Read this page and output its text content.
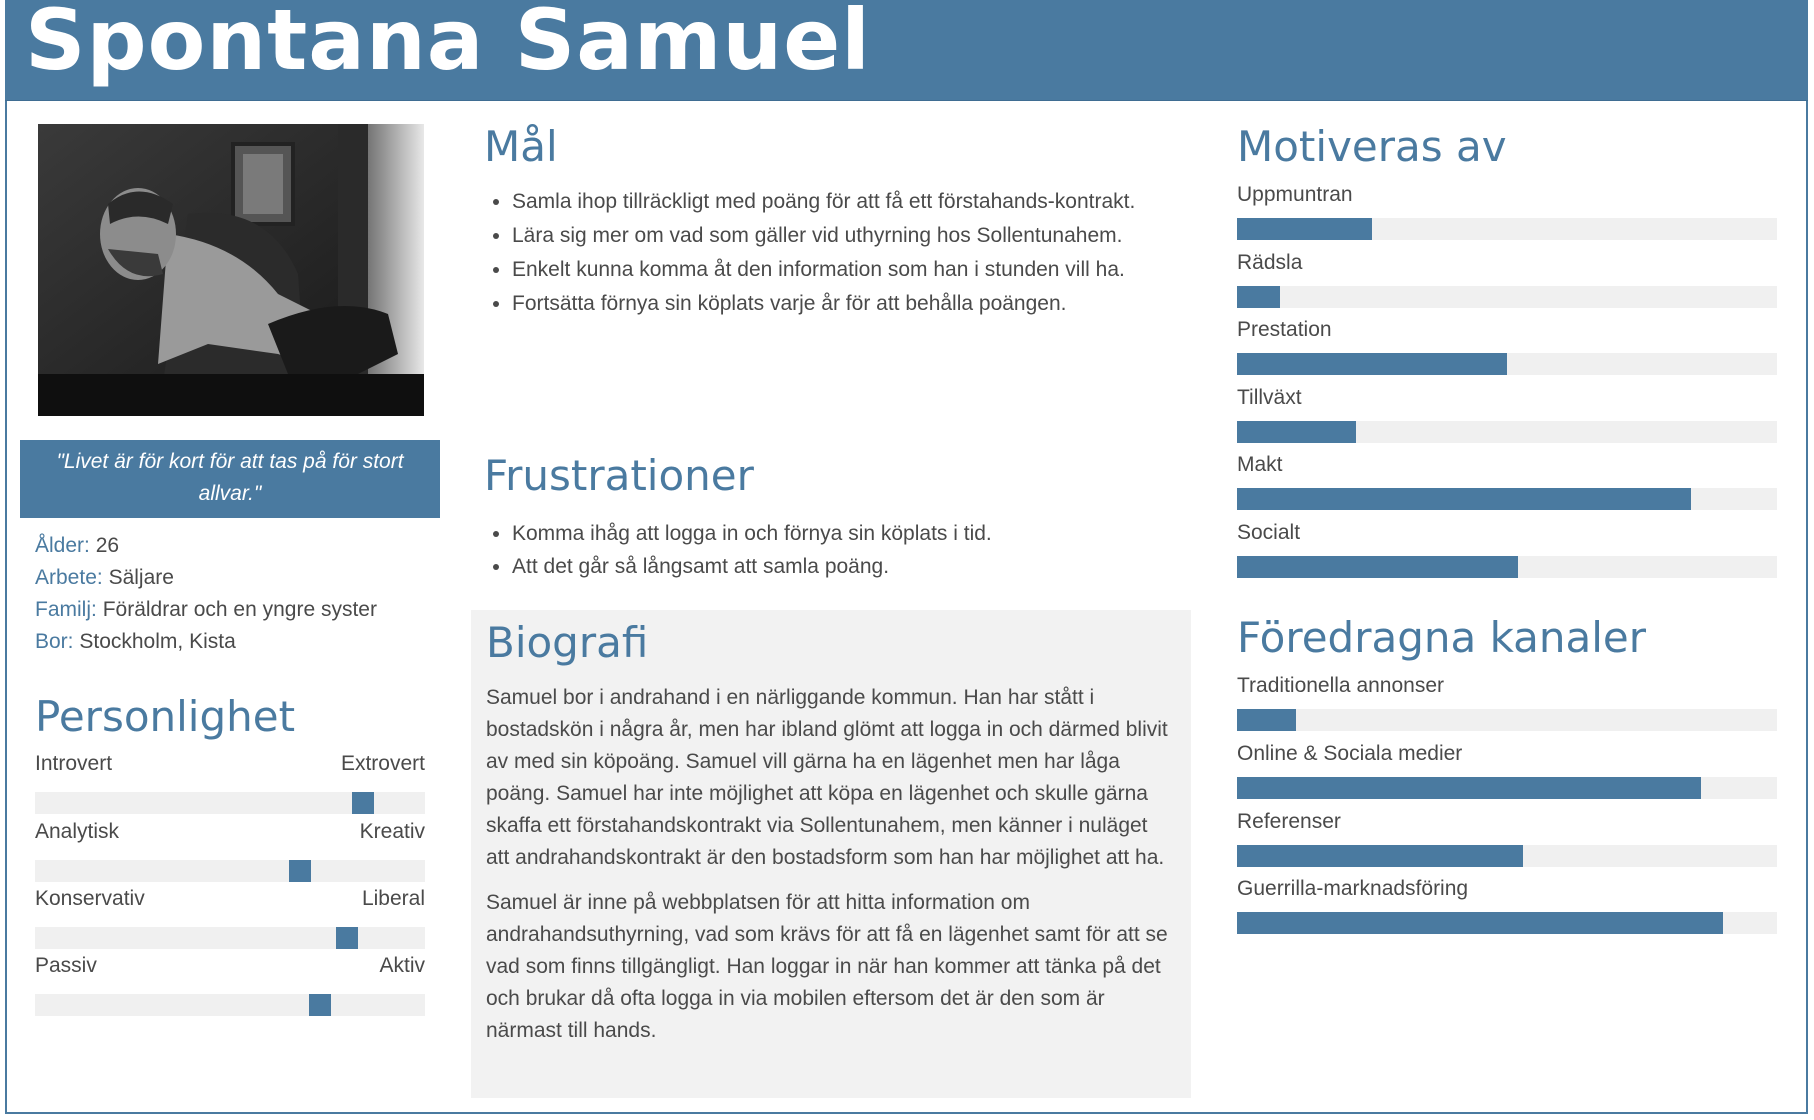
Spontana Samuel
"Livet är för kort för att tas på för stort allvar."
Ålder: 26
Arbete: Säljare
Familj: Föräldrar och en yngre syster
Bor: Stockholm, Kista
Personlighet
Introvert	Extrovert
Analytisk	Kreativ
Konservativ	Liberal
Passiv	Aktiv
Mål
• Samla ihop tillräckligt med poäng för att få ett förstahands-kontrakt.
• Lära sig mer om vad som gäller vid uthyrning hos Sollentunahem.
• Enkelt kunna komma åt den information som han i stunden vill ha.
• Fortsätta förnya sin köplats varje år för att behålla poängen.
Frustrationer
• Komma ihåg att logga in och förnya sin köplats i tid.
• Att det går så långsamt att samla poäng.
Biografi

Samuel bor i andrahand i en närliggande kommun. Han har stått i bostadskön i några år, men har ibland glömt att logga in och därmed blivit av med sin köpoäng. Samuel vill gärna ha en lägenhet men har låga poäng. Samuel har inte möjlighet att köpa en lägenhet och skulle gärna skaffa ett förstahandskontrakt via Sollentunahem, men känner i nuläget att andrahandskontrakt är den bostadsform som han har möjlighet att ha.

Samuel är inne på webbplatsen för att hitta information om andrahandsuthyrning, vad som krävs för att få en lägenhet samt för att se vad som finns tillgängligt. Han loggar in när han kommer att tänka på det och brukar då ofta logga in via mobilen eftersom det är den som är närmast till hands.

Motiveras av
Uppmuntran
Rädsla
Prestation
Tillväxt
Makt
Socialt
Föredragna kanaler
Traditionella annonser
Online & Sociala medier
Referenser
Guerrilla-marknadsföring
